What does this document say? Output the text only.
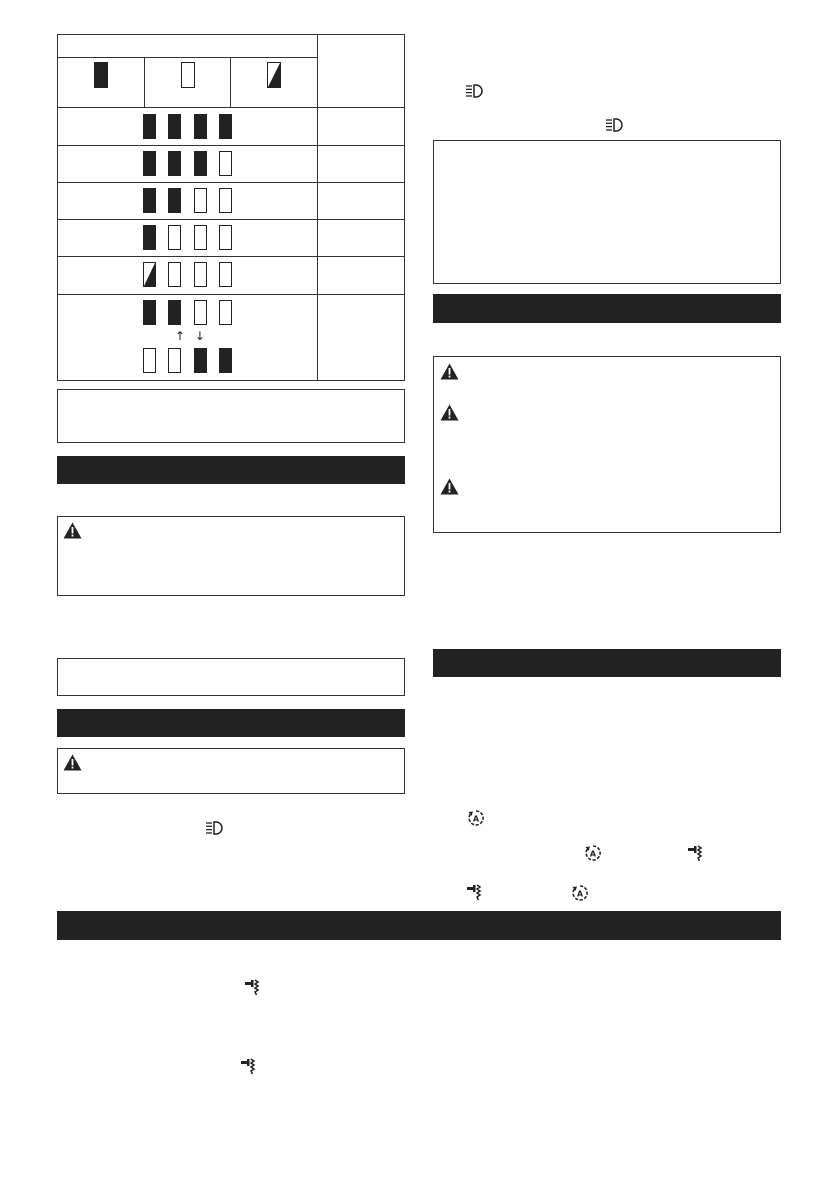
↑ ↓
A
A
A
